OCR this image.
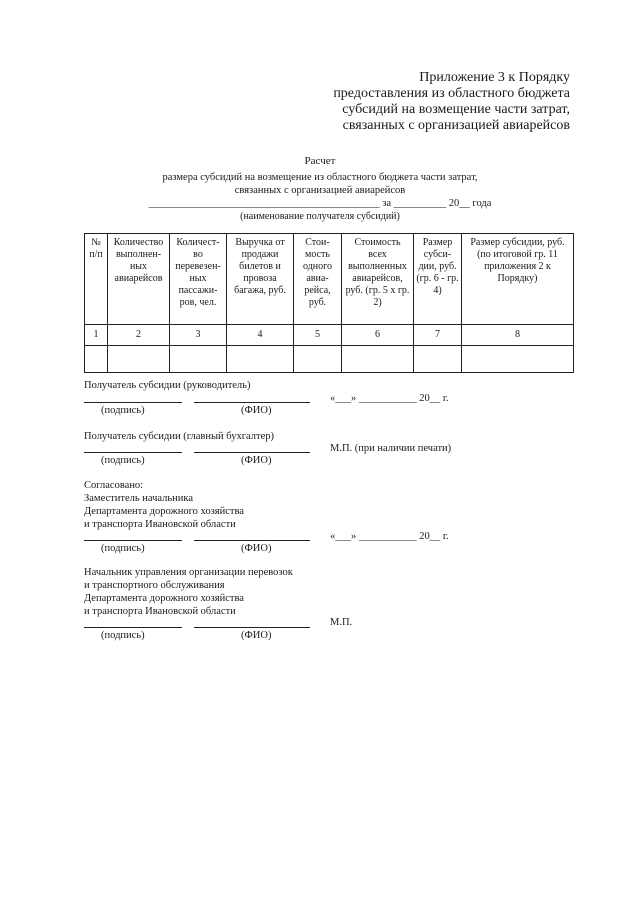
Приложение 3 к Порядку
предоставления из областного бюджета
субсидий на возмещение части затрат,
связанных с организацией авиарейсов
Расчет
размера субсидий на возмещение из областного бюджета части затрат,
связанных с организацией авиарейсов
____________________________________________ за __________ 20__ года
(наименование получателя субсидий)
№ п/п	Количество выполнен-ных авиарейсов	Количест-во перевезен-ных пассажи-ров, чел.	Выручка от продажи билетов и провоза багажа, руб.	Стои-мость одного авиа-рейса, руб.	Стоимость всех выполненных авиарейсов, руб. (гр. 5 х гр. 2)	Размер субси-дии, руб. (гр. 6 - гр. 4)	Размер субсидии, руб. (по итоговой гр. 11 приложения 2 к Порядку)
1	2	3	4	5	6	7	8

Получатель субсидии (руководитель)
«___» ___________ 20__ г.
(подпись)	(ФИО)
Получатель субсидии (главный бухгалтер)
М.П. (при наличии печати)
(подпись)	(ФИО)
Согласовано:
Заместитель начальника
Департамента дорожного хозяйства
и транспорта Ивановской области
«___» ___________ 20__ г.
(подпись)	(ФИО)
Начальник управления организации перевозок
и транспортного обслуживания
Департамента дорожного хозяйства
и транспорта Ивановской области
М.П.
(подпись)	(ФИО)
